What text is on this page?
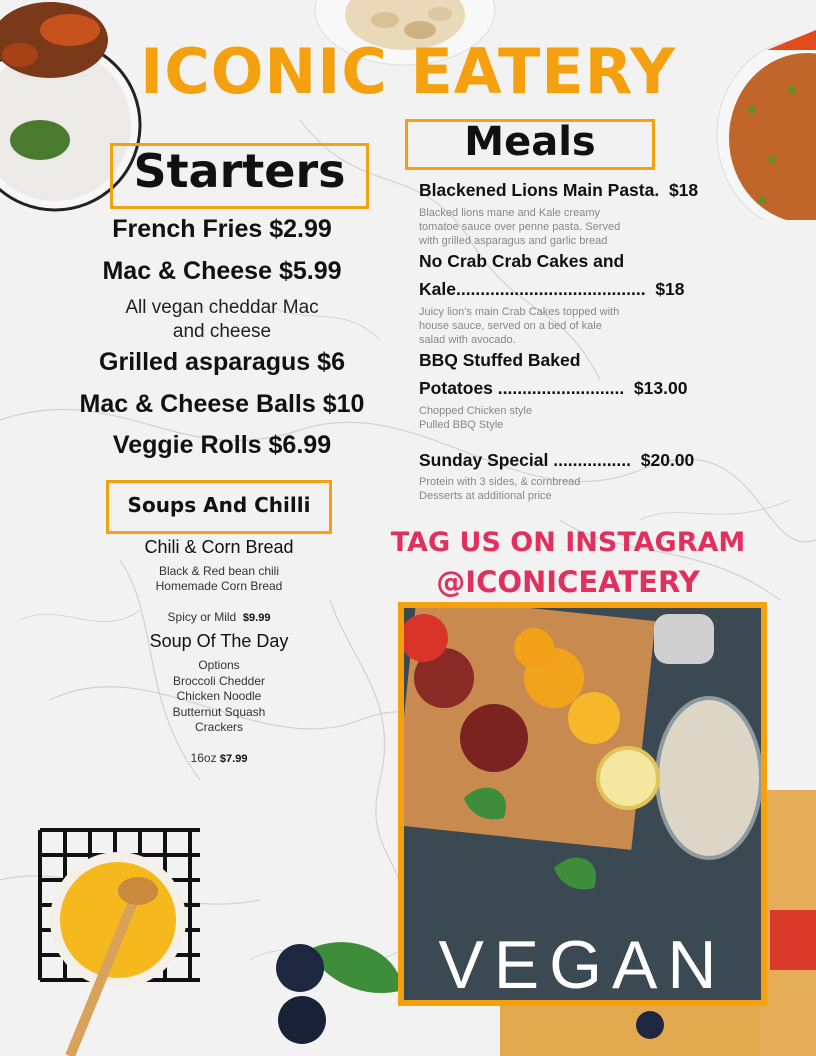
ICONIC EATERY
Starters
French Fries $2.99
Mac & Cheese $5.99
All vegan cheddar Mac
and cheese
Grilled asparagus $6
Mac & Cheese Balls $10
Veggie Rolls $6.99
Soups And Chilli
Chili & Corn Bread
Black & Red bean chili
Homemade Corn Bread
Spicy or Mild $9.99
Soup Of The Day
Options
Broccoli Chedder
Chicken Noodle
Butternut Squash
Crackers
16oz $7.99
Meals
Blackened Lions Main Pasta. $18
Blacked lions mane and Kale creamy
tomatoe sauce over penne pasta. Served
with grilled asparagus and garlic bread
No Crab Crab Cakes and
Kale....................................... $18
Juicy lion's main Crab Cakes topped with
house sauce, served on a bed of kale
salad with avocado.
BBQ Stuffed Baked
Potatoes .......................... $13.00
Chopped Chicken style
Pulled BBQ Style
Sunday Special ................ $20.00
Protein with 3 sides, & cornbread
Desserts at additional price
TAG US ON INSTAGRAM
@ICONICEATERY
VEGAN
